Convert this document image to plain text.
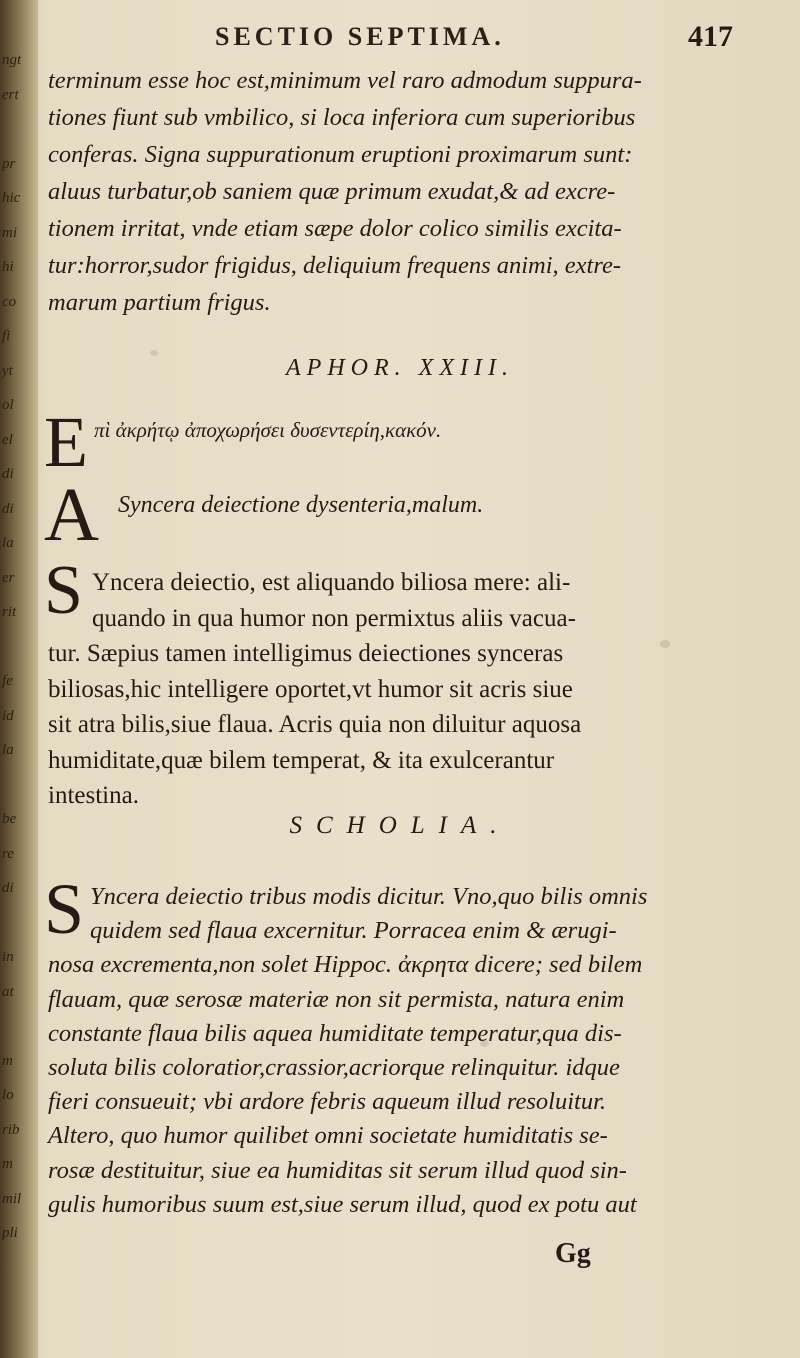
ngt
ert
pr
hic
mi
hi
co
fi
yt
ol
el
di
di
la
er
rit
fe
id
la
be
re
di
in
at
m
lo
rib
m
mil
pli
SECTIO SEPTIMA.	417
terminum esse hoc est,minimum vel raro admodum suppura-
tiones fiunt sub vmbilico, si loca inferiora cum superioribus
conferas. Signa suppurationum eruptioni proximarum sunt:
aluus turbatur,ob saniem quæ primum exudat,& ad excre-
tionem irritat, vnde etiam sæpe dolor colico similis excita-
tur:horror,sudor frigidus, deliquium frequens animi, extre-
marum partium frigus.
APHOR. XXIII.
E πὶ ἀκρήτῳ ἀποχωρήσει δυσεντερίη,κακόν.
A Syncera deiectione dysenteria,malum.
S Yncera deiectio, est aliquando biliosa mere: ali-
quando in qua humor non permixtus aliis vacua-
tur. Sæpius tamen intelligimus deiectiones synceras
biliosas,hic intelligere oportet,vt humor sit acris siue
sit atra bilis,siue flaua. Acris quia non diluitur aquosa
humiditate,quæ bilem temperat, & ita exulcerantur
intestina.
SCHOLIA.
S Yncera deiectio tribus modis dicitur. Vno,quo bilis omnis
quidem sed flaua excernitur. Porracea enim & ærugi-
nosa excrementa,non solet Hippoc. ἀκρητα dicere; sed bilem
flauam, quæ serosæ materiæ non sit permista, natura enim
constante flaua bilis aquea humiditate temperatur,qua dis-
soluta bilis coloratior,crassior,acriorque relinquitur. idque
fieri consueuit; vbi ardore febris aqueum illud resoluitur.
Altero, quo humor quilibet omni societate humiditatis se-
rosæ destituitur, siue ea humiditas sit serum illud quod sin-
gulis humoribus suum est,siue serum illud, quod ex potu aut
Gg
